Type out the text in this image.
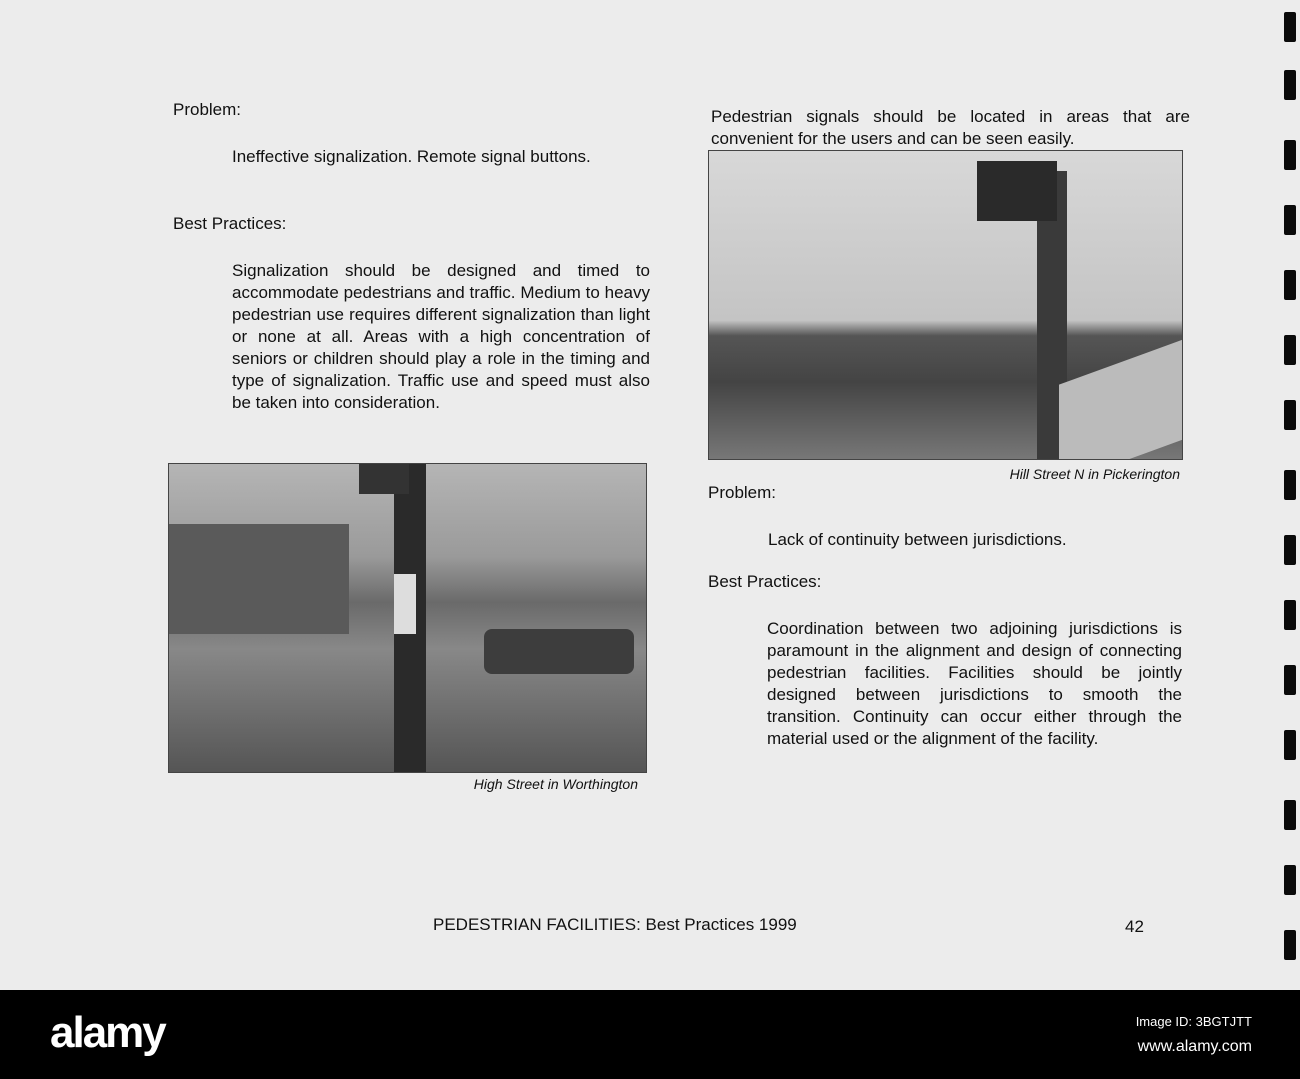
Problem:
Ineffective signalization. Remote signal buttons.
Best Practices:
Signalization should be designed and timed to accommodate pedestrians and traffic. Medium to heavy pedestrian use requires different signalization than light or none at all. Areas with a high concentration of seniors or children should play a role in the timing and type of signalization. Traffic use and speed must also be taken into consideration.
High Street in Worthington
Pedestrian signals should be located in areas that are convenient for the users and can be seen easily.
Hill Street N in Pickerington
Problem:
Lack of continuity between jurisdictions.
Best Practices:
Coordination between two adjoining jurisdictions is paramount in the alignment and design of connecting pedestrian facilities. Facilities should be jointly designed between jurisdictions to smooth the transition. Continuity can occur either through the material used or the alignment of the facility.
PEDESTRIAN FACILITIES: Best Practices 1999	42
alamy	Image ID: 3BGTJTT
www.alamy.com
